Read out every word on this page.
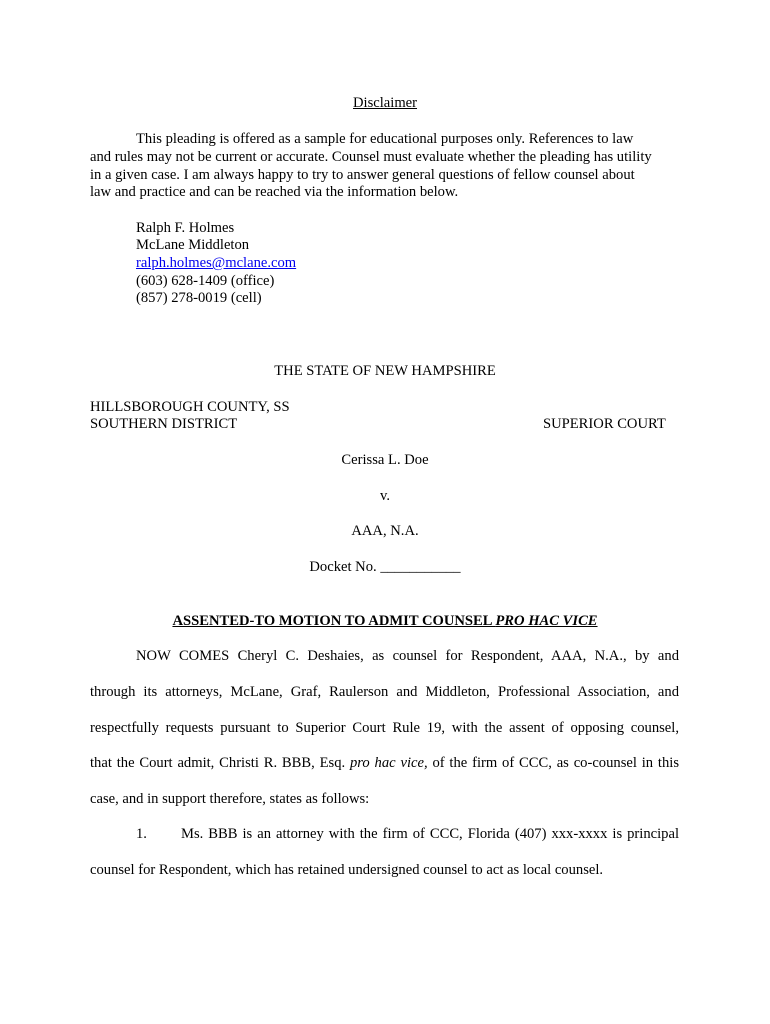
Disclaimer
This pleading is offered as a sample for educational purposes only. References to law
and rules may not be current or accurate. Counsel must evaluate whether the pleading has utility
in a given case. I am always happy to try to answer general questions of fellow counsel about
law and practice and can be reached via the information below.
Ralph F. Holmes
McLane Middleton
ralph.holmes@mclane.com
(603) 628-1409 (office)
(857) 278-0019 (cell)
THE STATE OF NEW HAMPSHIRE
HILLSBOROUGH COUNTY, SS
SOUTHERN DISTRICT	SUPERIOR COURT
Cerissa L. Doe
v.
AAA, N.A.
Docket No. ___________
ASSENTED-TO MOTION TO ADMIT COUNSEL PRO HAC VICE
NOW COMES Cheryl C. Deshaies, as counsel for Respondent, AAA, N.A., by and
through its attorneys, McLane, Graf, Raulerson and Middleton, Professional Association, and
respectfully requests pursuant to Superior Court Rule 19, with the assent of opposing counsel,
that the Court admit, Christi R. BBB, Esq. pro hac vice, of the firm of CCC, as co-counsel in this
case, and in support therefore, states as follows:
1. Ms. BBB is an attorney with the firm of CCC, Florida (407) xxx-xxxx is principal
counsel for Respondent, which has retained undersigned counsel to act as local counsel.
